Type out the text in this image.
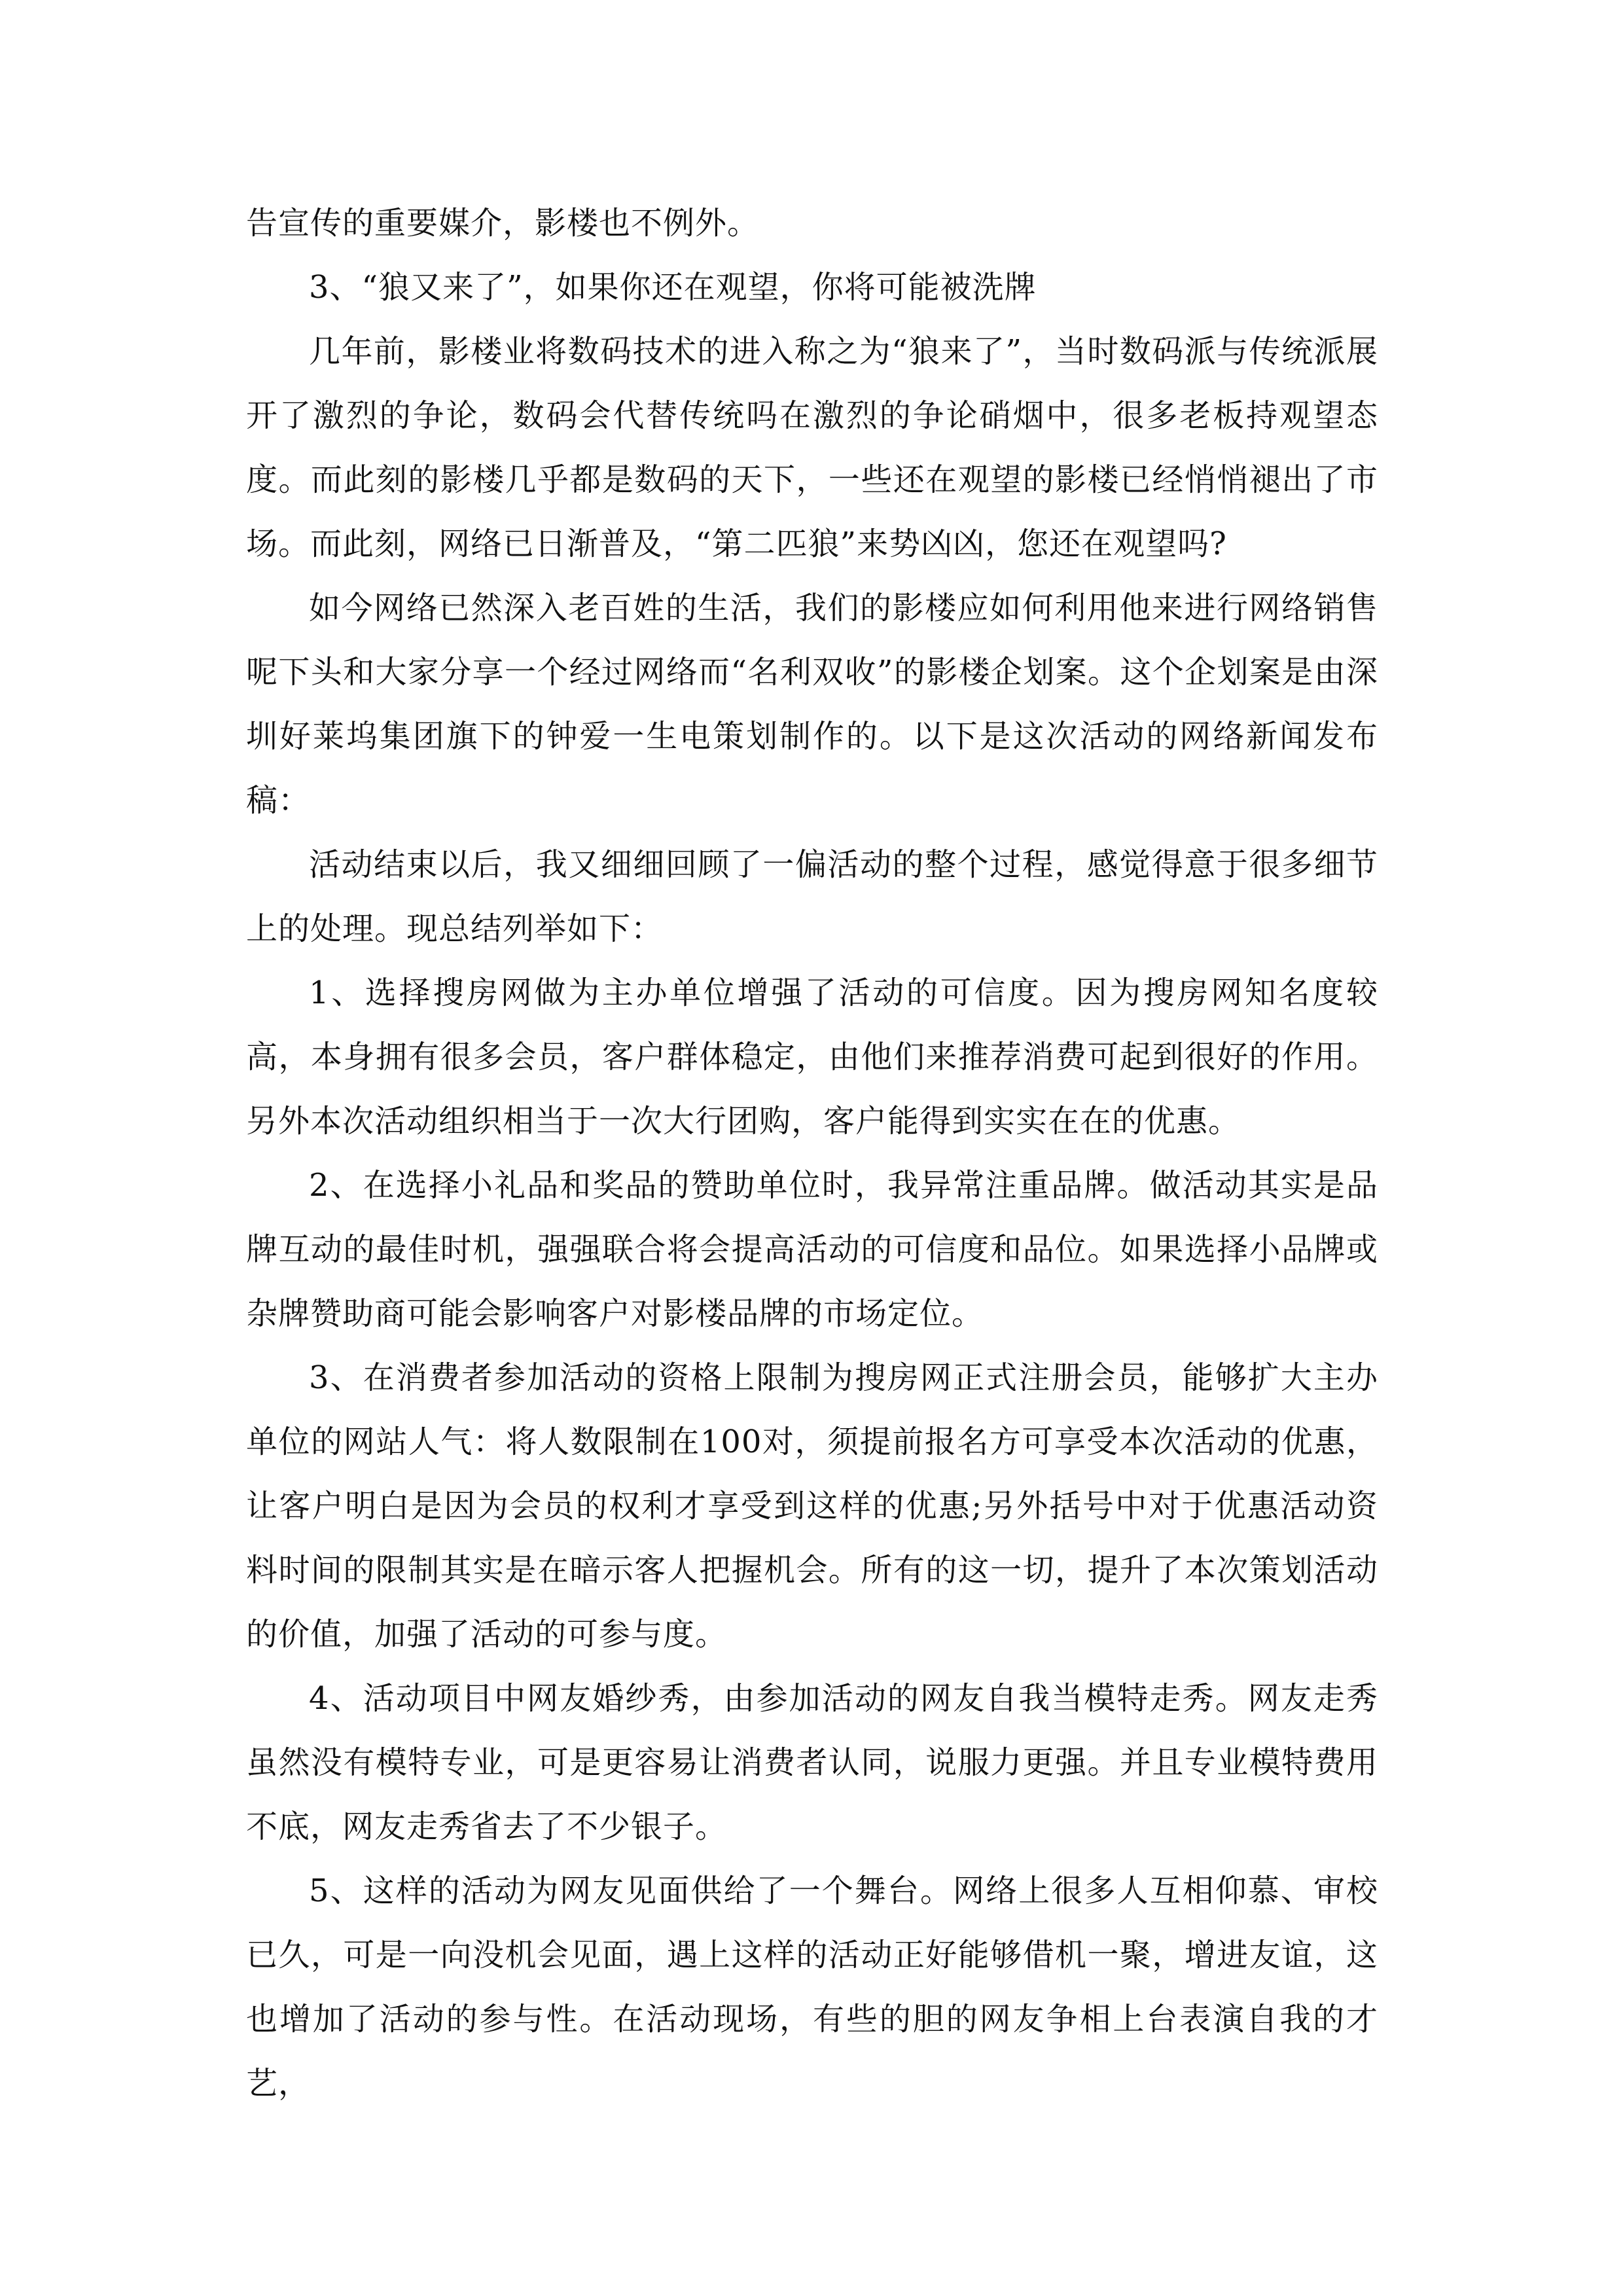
告宣传的重要媒介，影楼也不例外。

3、“狼又来了”，如果你还在观望，你将可能被洗牌

几年前，影楼业将数码技术的进入称之为“狼来了”，当时数码派与传统派展开了激烈的争论，数码会代替传统吗在激烈的争论硝烟中，很多老板持观望态度。而此刻的影楼几乎都是数码的天下，一些还在观望的影楼已经悄悄褪出了市场。而此刻，网络已日渐普及，“第二匹狼”来势凶凶，您还在观望吗?

如今网络已然深入老百姓的生活，我们的影楼应如何利用他来进行网络销售呢下头和大家分享一个经过网络而“名利双收”的影楼企划案。这个企划案是由深圳好莱坞集团旗下的钟爱一生电策划制作的。以下是这次活动的网络新闻发布稿：

活动结束以后，我又细细回顾了一偏活动的整个过程，感觉得意于很多细节上的处理。现总结列举如下：

1、选择搜房网做为主办单位增强了活动的可信度。因为搜房网知名度较高，本身拥有很多会员，客户群体稳定，由他们来推荐消费可起到很好的作用。另外本次活动组织相当于一次大行团购，客户能得到实实在在的优惠。

2、在选择小礼品和奖品的赞助单位时，我异常注重品牌。做活动其实是品牌互动的最佳时机，强强联合将会提高活动的可信度和品位。如果选择小品牌或杂牌赞助商可能会影响客户对影楼品牌的市场定位。

3、在消费者参加活动的资格上限制为搜房网正式注册会员，能够扩大主办单位的网站人气：将人数限制在100对，须提前报名方可享受本次活动的优惠，让客户明白是因为会员的权利才享受到这样的优惠;另外括号中对于优惠活动资料时间的限制其实是在暗示客人把握机会。所有的这一切，提升了本次策划活动的价值，加强了活动的可参与度。

4、活动项目中网友婚纱秀，由参加活动的网友自我当模特走秀。网友走秀虽然没有模特专业，可是更容易让消费者认同，说服力更强。并且专业模特费用不底，网友走秀省去了不少银子。

5、这样的活动为网友见面供给了一个舞台。网络上很多人互相仰慕、审校已久，可是一向没机会见面，遇上这样的活动正好能够借机一聚，增进友谊，这也增加了活动的参与性。在活动现场，有些的胆的网友争相上台表演自我的才艺，
